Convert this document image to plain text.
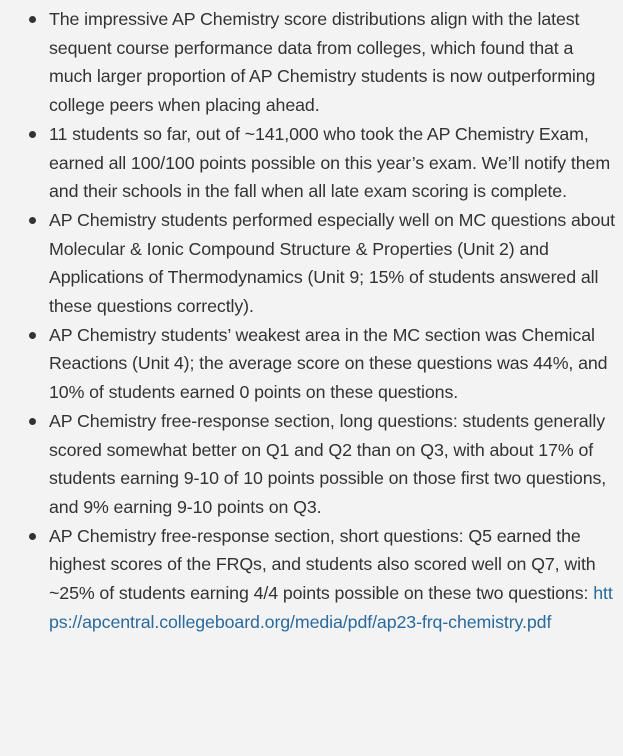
The impressive AP Chemistry score distributions align with the latest sequent course performance data from colleges, which found that a much larger proportion of AP Chemistry students is now outperforming college peers when placing ahead.
11 students so far, out of ~141,000 who took the AP Chemistry Exam, earned all 100/100 points possible on this year’s exam. We’ll notify them and their schools in the fall when all late exam scoring is complete.
AP Chemistry students performed especially well on MC questions about Molecular & Ionic Compound Structure & Properties (Unit 2) and Applications of Thermodynamics (Unit 9; 15% of students answered all these questions correctly).
AP Chemistry students’ weakest area in the MC section was Chemical Reactions (Unit 4); the average score on these questions was 44%, and 10% of students earned 0 points on these questions.
AP Chemistry free-response section, long questions: students generally scored somewhat better on Q1 and Q2 than on Q3, with about 17% of students earning 9-10 of 10 points possible on those first two questions, and 9% earning 9-10 points on Q3.
AP Chemistry free-response section, short questions: Q5 earned the highest scores of the FRQs, and students also scored well on Q7, with ~25% of students earning 4/4 points possible on these two questions: https://apcentral.collegeboard.org/media/pdf/ap23-frq-chemistry.pdf
